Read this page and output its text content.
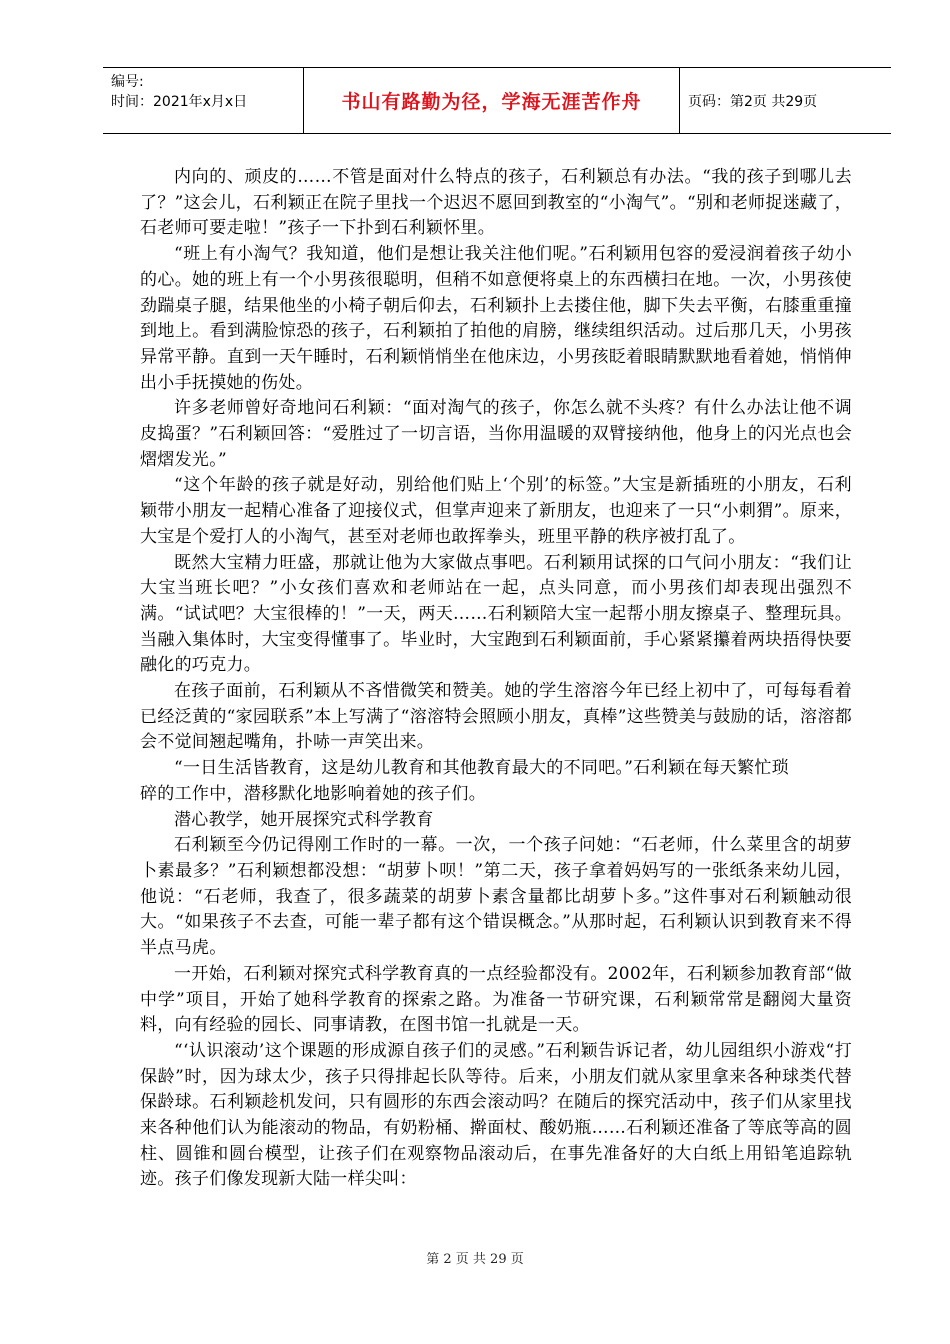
编号:
时间：2021年x月x日	书山有路勤为径，学海无涯苦作舟	页码：第2页 共29页

内向的、顽皮的……不管是面对什么特点的孩子，石利颖总有办法。“我的孩子到哪儿去了？”这会儿，石利颖正在院子里找一个迟迟不愿回到教室的“小淘气”。“别和老师捉迷藏了，石老师可要走啦！”孩子一下扑到石利颖怀里。

“班上有小淘气？我知道，他们是想让我关注他们呢。”石利颖用包容的爱浸润着孩子幼小的心。她的班上有一个小男孩很聪明，但稍不如意便将桌上的东西横扫在地。一次，小男孩使劲踹桌子腿，结果他坐的小椅子朝后仰去，石利颖扑上去搂住他，脚下失去平衡，右膝重重撞到地上。看到满脸惊恐的孩子，石利颖拍了拍他的肩膀，继续组织活动。过后那几天，小男孩异常平静。直到一天午睡时，石利颖悄悄坐在他床边，小男孩眨着眼睛默默地看着她，悄悄伸出小手抚摸她的伤处。

许多老师曾好奇地问石利颖：“面对淘气的孩子，你怎么就不头疼？有什么办法让他不调皮捣蛋？”石利颖回答：“爱胜过了一切言语，当你用温暖的双臂接纳他，他身上的闪光点也会熠熠发光。”

“这个年龄的孩子就是好动，别给他们贴上‘个别’的标签。”大宝是新插班的小朋友，石利颖带小朋友一起精心准备了迎接仪式，但掌声迎来了新朋友，也迎来了一只“小刺猬”。原来，大宝是个爱打人的小淘气，甚至对老师也敢挥拳头，班里平静的秩序被打乱了。

既然大宝精力旺盛，那就让他为大家做点事吧。石利颖用试探的口气问小朋友：“我们让大宝当班长吧？”小女孩们喜欢和老师站在一起，点头同意，而小男孩们却表现出强烈不满。“试试吧？大宝很棒的！”一天，两天……石利颖陪大宝一起帮小朋友擦桌子、整理玩具。当融入集体时，大宝变得懂事了。毕业时，大宝跑到石利颖面前，手心紧紧攥着两块捂得快要融化的巧克力。

在孩子面前，石利颖从不吝惜微笑和赞美。她的学生溶溶今年已经上初中了，可每每看着已经泛黄的“家园联系”本上写满了“溶溶特会照顾小朋友，真棒”这些赞美与鼓励的话，溶溶都会不觉间翘起嘴角，扑哧一声笑出来。

“一日生活皆教育，这是幼儿教育和其他教育最大的不同吧。”石利颖在每天繁忙琐

碎的工作中，潜移默化地影响着她的孩子们。

潜心教学，她开展探究式科学教育

石利颖至今仍记得刚工作时的一幕。一次，一个孩子问她：“石老师，什么菜里含的胡萝卜素最多？”石利颖想都没想：“胡萝卜呗！”第二天，孩子拿着妈妈写的一张纸条来幼儿园，他说：“石老师，我查了，很多蔬菜的胡萝卜素含量都比胡萝卜多。”这件事对石利颖触动很大。“如果孩子不去查，可能一辈子都有这个错误概念。”从那时起，石利颖认识到教育来不得半点马虎。

一开始，石利颖对探究式科学教育真的一点经验都没有。2002年，石利颖参加教育部“做中学”项目，开始了她科学教育的探索之路。为准备一节研究课，石利颖常常是翻阅大量资料，向有经验的园长、同事请教，在图书馆一扎就是一天。

“‘认识滚动’这个课题的形成源自孩子们的灵感。”石利颖告诉记者，幼儿园组织小游戏“打保龄”时，因为球太少，孩子只得排起长队等待。后来，小朋友们就从家里拿来各种球类代替保龄球。石利颖趁机发问，只有圆形的东西会滚动吗？在随后的探究活动中，孩子们从家里找来各种他们认为能滚动的物品，有奶粉桶、擀面杖、酸奶瓶……石利颖还准备了等底等高的圆柱、圆锥和圆台模型，让孩子们在观察物品滚动后，在事先准备好的大白纸上用铅笔追踪轨迹。孩子们像发现新大陆一样尖叫：

第 2 页 共 29 页
